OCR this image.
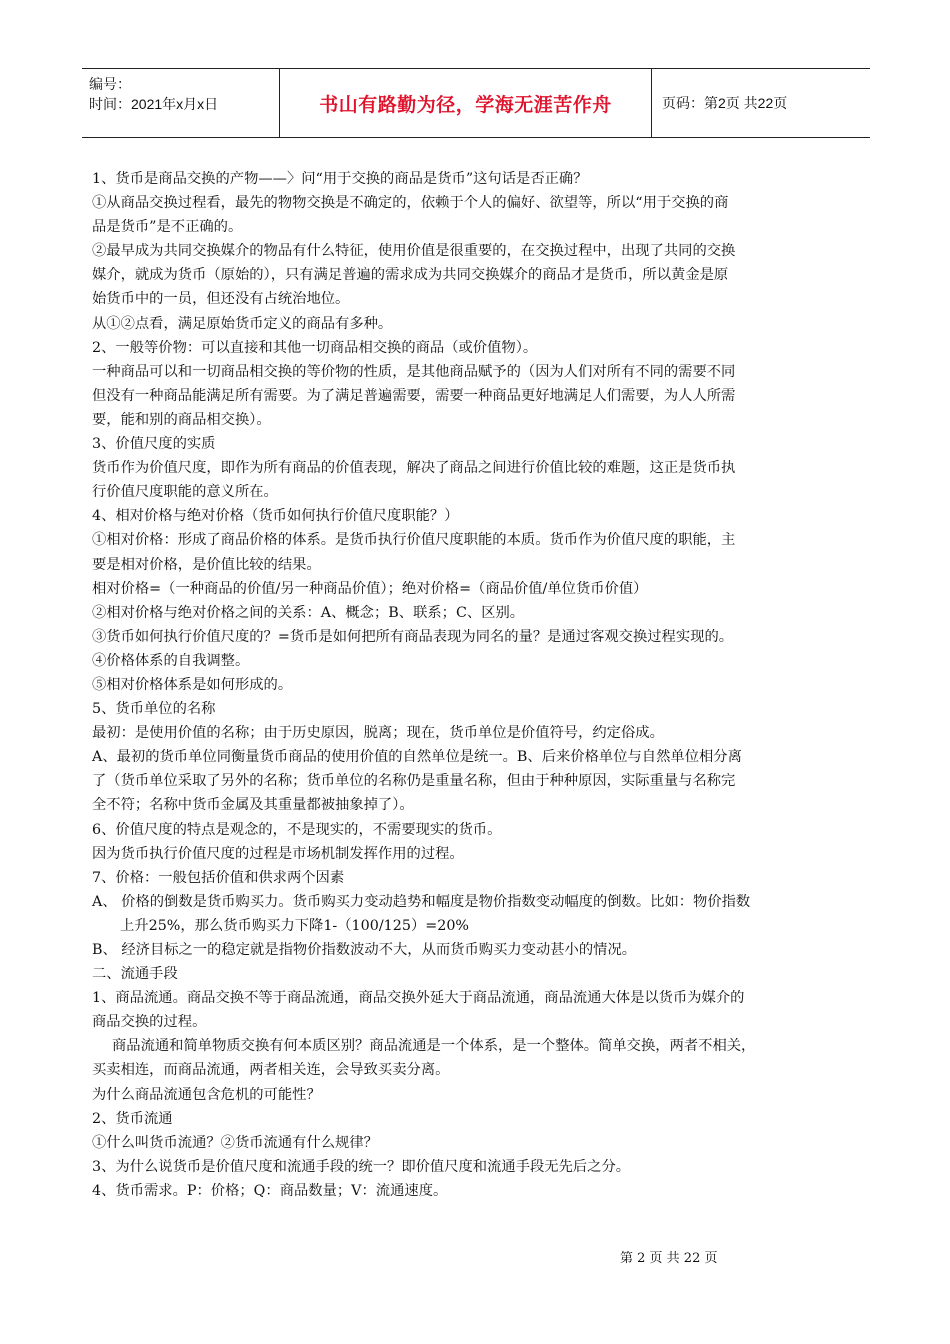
编号：
时间：2021年x月x日	书山有路勤为径，学海无涯苦作舟	页码：第2页 共22页
1、货币是商品交换的产物——〉问“用于交换的商品是货币”这句话是否正确？
①从商品交换过程看，最先的物物交换是不确定的，依赖于个人的偏好、欲望等，所以“用于交换的商
品是货币”是不正确的。
②最早成为共同交换媒介的物品有什么特征，使用价值是很重要的，在交换过程中，出现了共同的交换
媒介，就成为货币（原始的），只有满足普遍的需求成为共同交换媒介的商品才是货币，所以黄金是原
始货币中的一员，但还没有占统治地位。
从①②点看，满足原始货币定义的商品有多种。
2、一般等价物：可以直接和其他一切商品相交换的商品（或价值物）。
一种商品可以和一切商品相交换的等价物的性质，是其他商品赋予的（因为人们对所有不同的需要不同
但没有一种商品能满足所有需要。为了满足普遍需要，需要一种商品更好地满足人们需要，为人人所需
要，能和别的商品相交换）。
3、价值尺度的实质
货币作为价值尺度，即作为所有商品的价值表现，解决了商品之间进行价值比较的难题，这正是货币执
行价值尺度职能的意义所在。
4、相对价格与绝对价格（货币如何执行价值尺度职能？）
①相对价格：形成了商品价格的体系。是货币执行价值尺度职能的本质。货币作为价值尺度的职能，主
要是相对价格，是价值比较的结果。
相对价格=（一种商品的价值/另一种商品价值）；绝对价格=（商品价值/单位货币价值）
②相对价格与绝对价格之间的关系：A、概念；B、联系；C、区别。
③货币如何执行价值尺度的？=货币是如何把所有商品表现为同名的量？是通过客观交换过程实现的。
④价格体系的自我调整。
⑤相对价格体系是如何形成的。
5、货币单位的名称
最初：是使用价值的名称；由于历史原因，脱离；现在，货币单位是价值符号，约定俗成。
A、最初的货币单位同衡量货币商品的使用价值的自然单位是统一。B、后来价格单位与自然单位相分离
了（货币单位采取了另外的名称；货币单位的名称仍是重量名称，但由于种种原因，实际重量与名称完
全不符；名称中货币金属及其重量都被抽象掉了）。
6、价值尺度的特点是观念的，不是现实的，不需要现实的货币。
因为货币执行价值尺度的过程是市场机制发挥作用的过程。
7、价格：一般包括价值和供求两个因素
A、 价格的倒数是货币购买力。货币购买力变动趋势和幅度是物价指数变动幅度的倒数。比如：物价指数
上升25%，那么货币购买力下降1-（100/125）=20%
B、 经济目标之一的稳定就是指物价指数波动不大，从而货币购买力变动甚小的情况。
二、流通手段
1、商品流通。商品交换不等于商品流通，商品交换外延大于商品流通，商品流通大体是以货币为媒介的
商品交换的过程。
商品流通和简单物质交换有何本质区别？商品流通是一个体系，是一个整体。简单交换，两者不相关，
买卖相连，而商品流通，两者相关连，会导致买卖分离。
为什么商品流通包含危机的可能性？
2、货币流通
①什么叫货币流通？②货币流通有什么规律？
3、为什么说货币是价值尺度和流通手段的统一？即价值尺度和流通手段无先后之分。
4、货币需求。P：价格；Q：商品数量；V：流通速度。
第 2 页 共 22 页
